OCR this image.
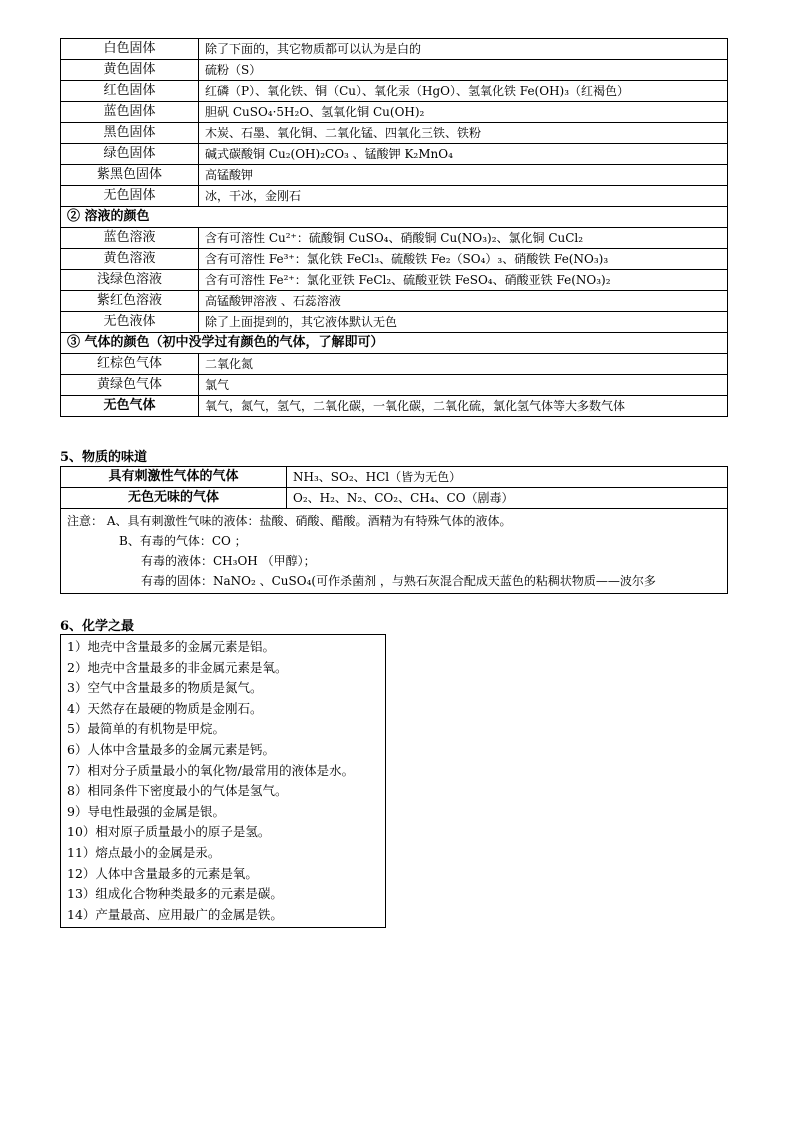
白色固体	除了下面的，其它物质都可以认为是白的
黄色固体	硫粉（S）
红色固体	红磷（P）、氧化铁、铜（Cu）、氧化汞（HgO）、氢氧化铁 Fe(OH)₃（红褐色）
蓝色固体	胆矾 CuSO₄·5H₂O、氢氧化铜 Cu(OH)₂
黑色固体	木炭、石墨、氧化铜、二氧化锰、四氧化三铁、铁粉
绿色固体	碱式碳酸铜 Cu₂(OH)₂CO₃ 、锰酸钾 K₂MnO₄
紫黑色固体	高锰酸钾
无色固体	冰，干冰，金刚石
② 溶液的颜色	
蓝色溶液	含有可溶性 Cu²⁺：硫酸铜 CuSO₄、硝酸铜 Cu(NO₃)₂、氯化铜 CuCl₂
黄色溶液	含有可溶性 Fe³⁺：氯化铁 FeCl₃、硫酸铁 Fe₂（SO₄）₃、硝酸铁 Fe(NO₃)₃
浅绿色溶液	含有可溶性 Fe²⁺：氯化亚铁 FeCl₂、硫酸亚铁 FeSO₄、硝酸亚铁 Fe(NO₃)₂
紫红色溶液	高锰酸钾溶液 、石蕊溶液
无色液体	除了上面提到的，其它液体默认无色
③ 气体的颜色（初中没学过有颜色的气体，了解即可）	
红棕色气体	二氧化氮
黄绿色气体	氯气
无色气体	氧气，氮气，氢气，二氧化碳，一氧化碳，二氧化硫，氯化氢气体等大多数气体
5、物质的味道
具有刺激性气体的气体	NH₃、SO₂、HCl（皆为无色）
无色无味的气体	O₂、H₂、N₂、CO₂、CH₄、CO（剧毒）

注意： A、具有刺激性气味的液体：盐酸、硝酸、醋酸。酒精为有特殊气体的液体。
B、有毒的气体：CO ；
有毒的液体：CH₃OH （甲醇）；
有毒的固体：NaNO₂ 、CuSO₄(可作杀菌剂 ，与熟石灰混合配成天蓝色的粘稠状物质——波尔多	
6、化学之最
1）地壳中含量最多的金属元素是铝。
2）地壳中含量最多的非金属元素是氧。
3）空气中含量最多的物质是氮气。
4）天然存在最硬的物质是金刚石。
5）最简单的有机物是甲烷。
6）人体中含量最多的金属元素是钙。
7）相对分子质量最小的氧化物/最常用的液体是水。
8）相同条件下密度最小的气体是氢气。
9）导电性最强的金属是银。
10）相对原子质量最小的原子是氢。
11）熔点最小的金属是汞。
12）人体中含量最多的元素是氧。
13）组成化合物种类最多的元素是碳。
14）产量最高、应用最广的金属是铁。
